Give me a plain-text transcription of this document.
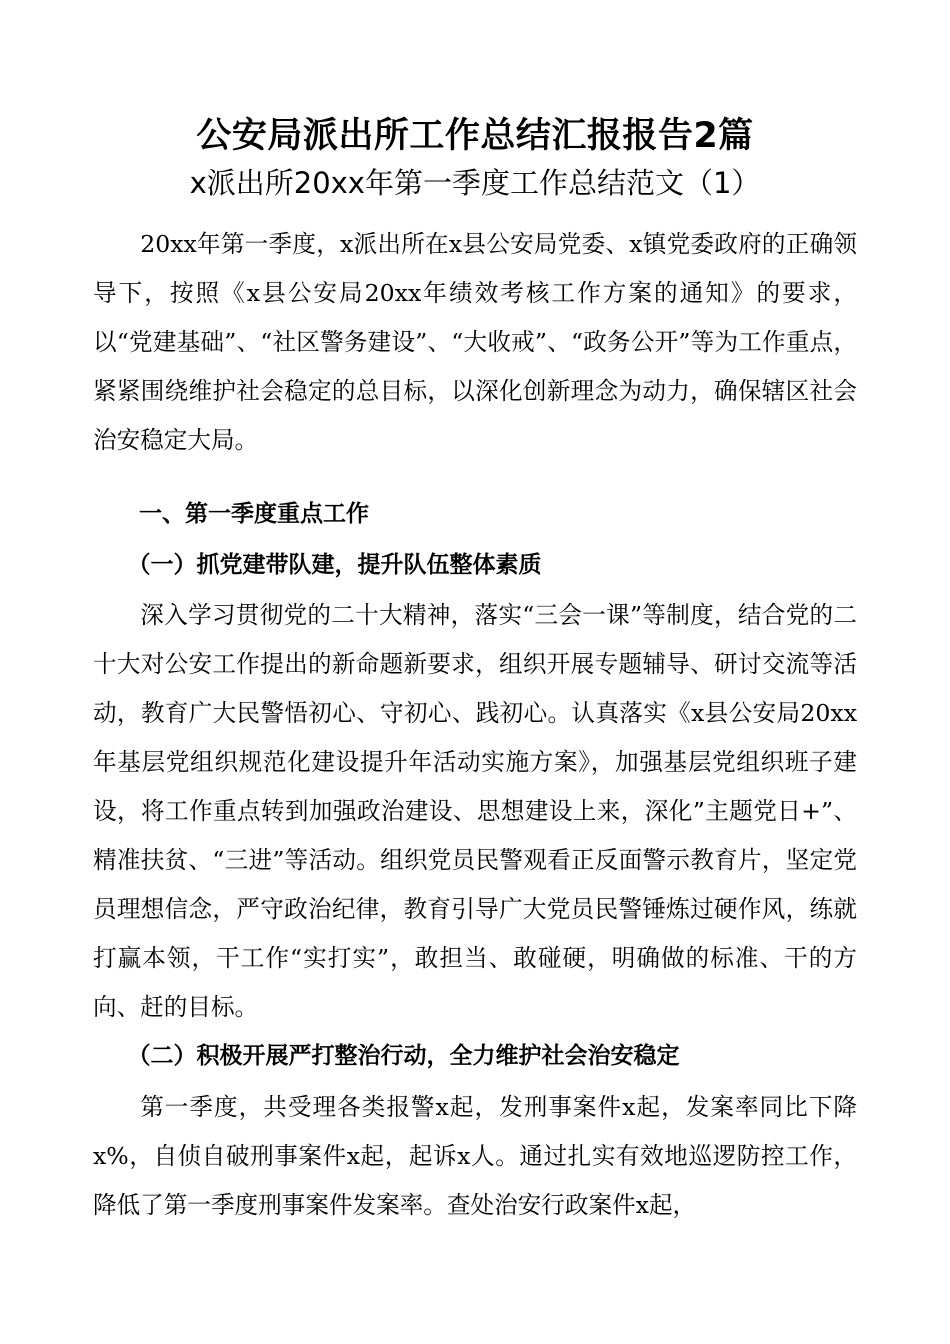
公安局派出所工作总结汇报报告2篇
x派出所20xx年第一季度工作总结范文（1）

20xx年第一季度，x派出所在x县公安局党委、x镇党委政府的正确领导下，按照《x县公安局20xx年绩效考核工作方案的通知》的要求，以“党建基础”、“社区警务建设”、“大收戒”、“政务公开”等为工作重点，紧紧围绕维护社会稳定的总目标，以深化创新理念为动力，确保辖区社会治安稳定大局。

一、第一季度重点工作
（一）抓党建带队建，提升队伍整体素质

深入学习贯彻党的二十大精神，落实“三会一课”等制度，结合党的二十大对公安工作提出的新命题新要求，组织开展专题辅导、研讨交流等活动，教育广大民警悟初心、守初心、践初心。认真落实《x县公安局20xx年基层党组织规范化建设提升年活动实施方案》，加强基层党组织班子建设，将工作重点转到加强政治建设、思想建设上来，深化”主题党日+”、精准扶贫、“三进”等活动。组织党员民警观看正反面警示教育片，坚定党员理想信念，严守政治纪律，教育引导广大党员民警锤炼过硬作风，练就打赢本领，干工作“实打实”，敢担当、敢碰硬，明确做的标准、干的方向、赶的目标。

（二）积极开展严打整治行动，全力维护社会治安稳定

第一季度，共受理各类报警x起，发刑事案件x起，发案率同比下降x%，自侦自破刑事案件x起，起诉x人。通过扎实有效地巡逻防控工作，降低了第一季度刑事案件发案率。查处治安行政案件x起，
